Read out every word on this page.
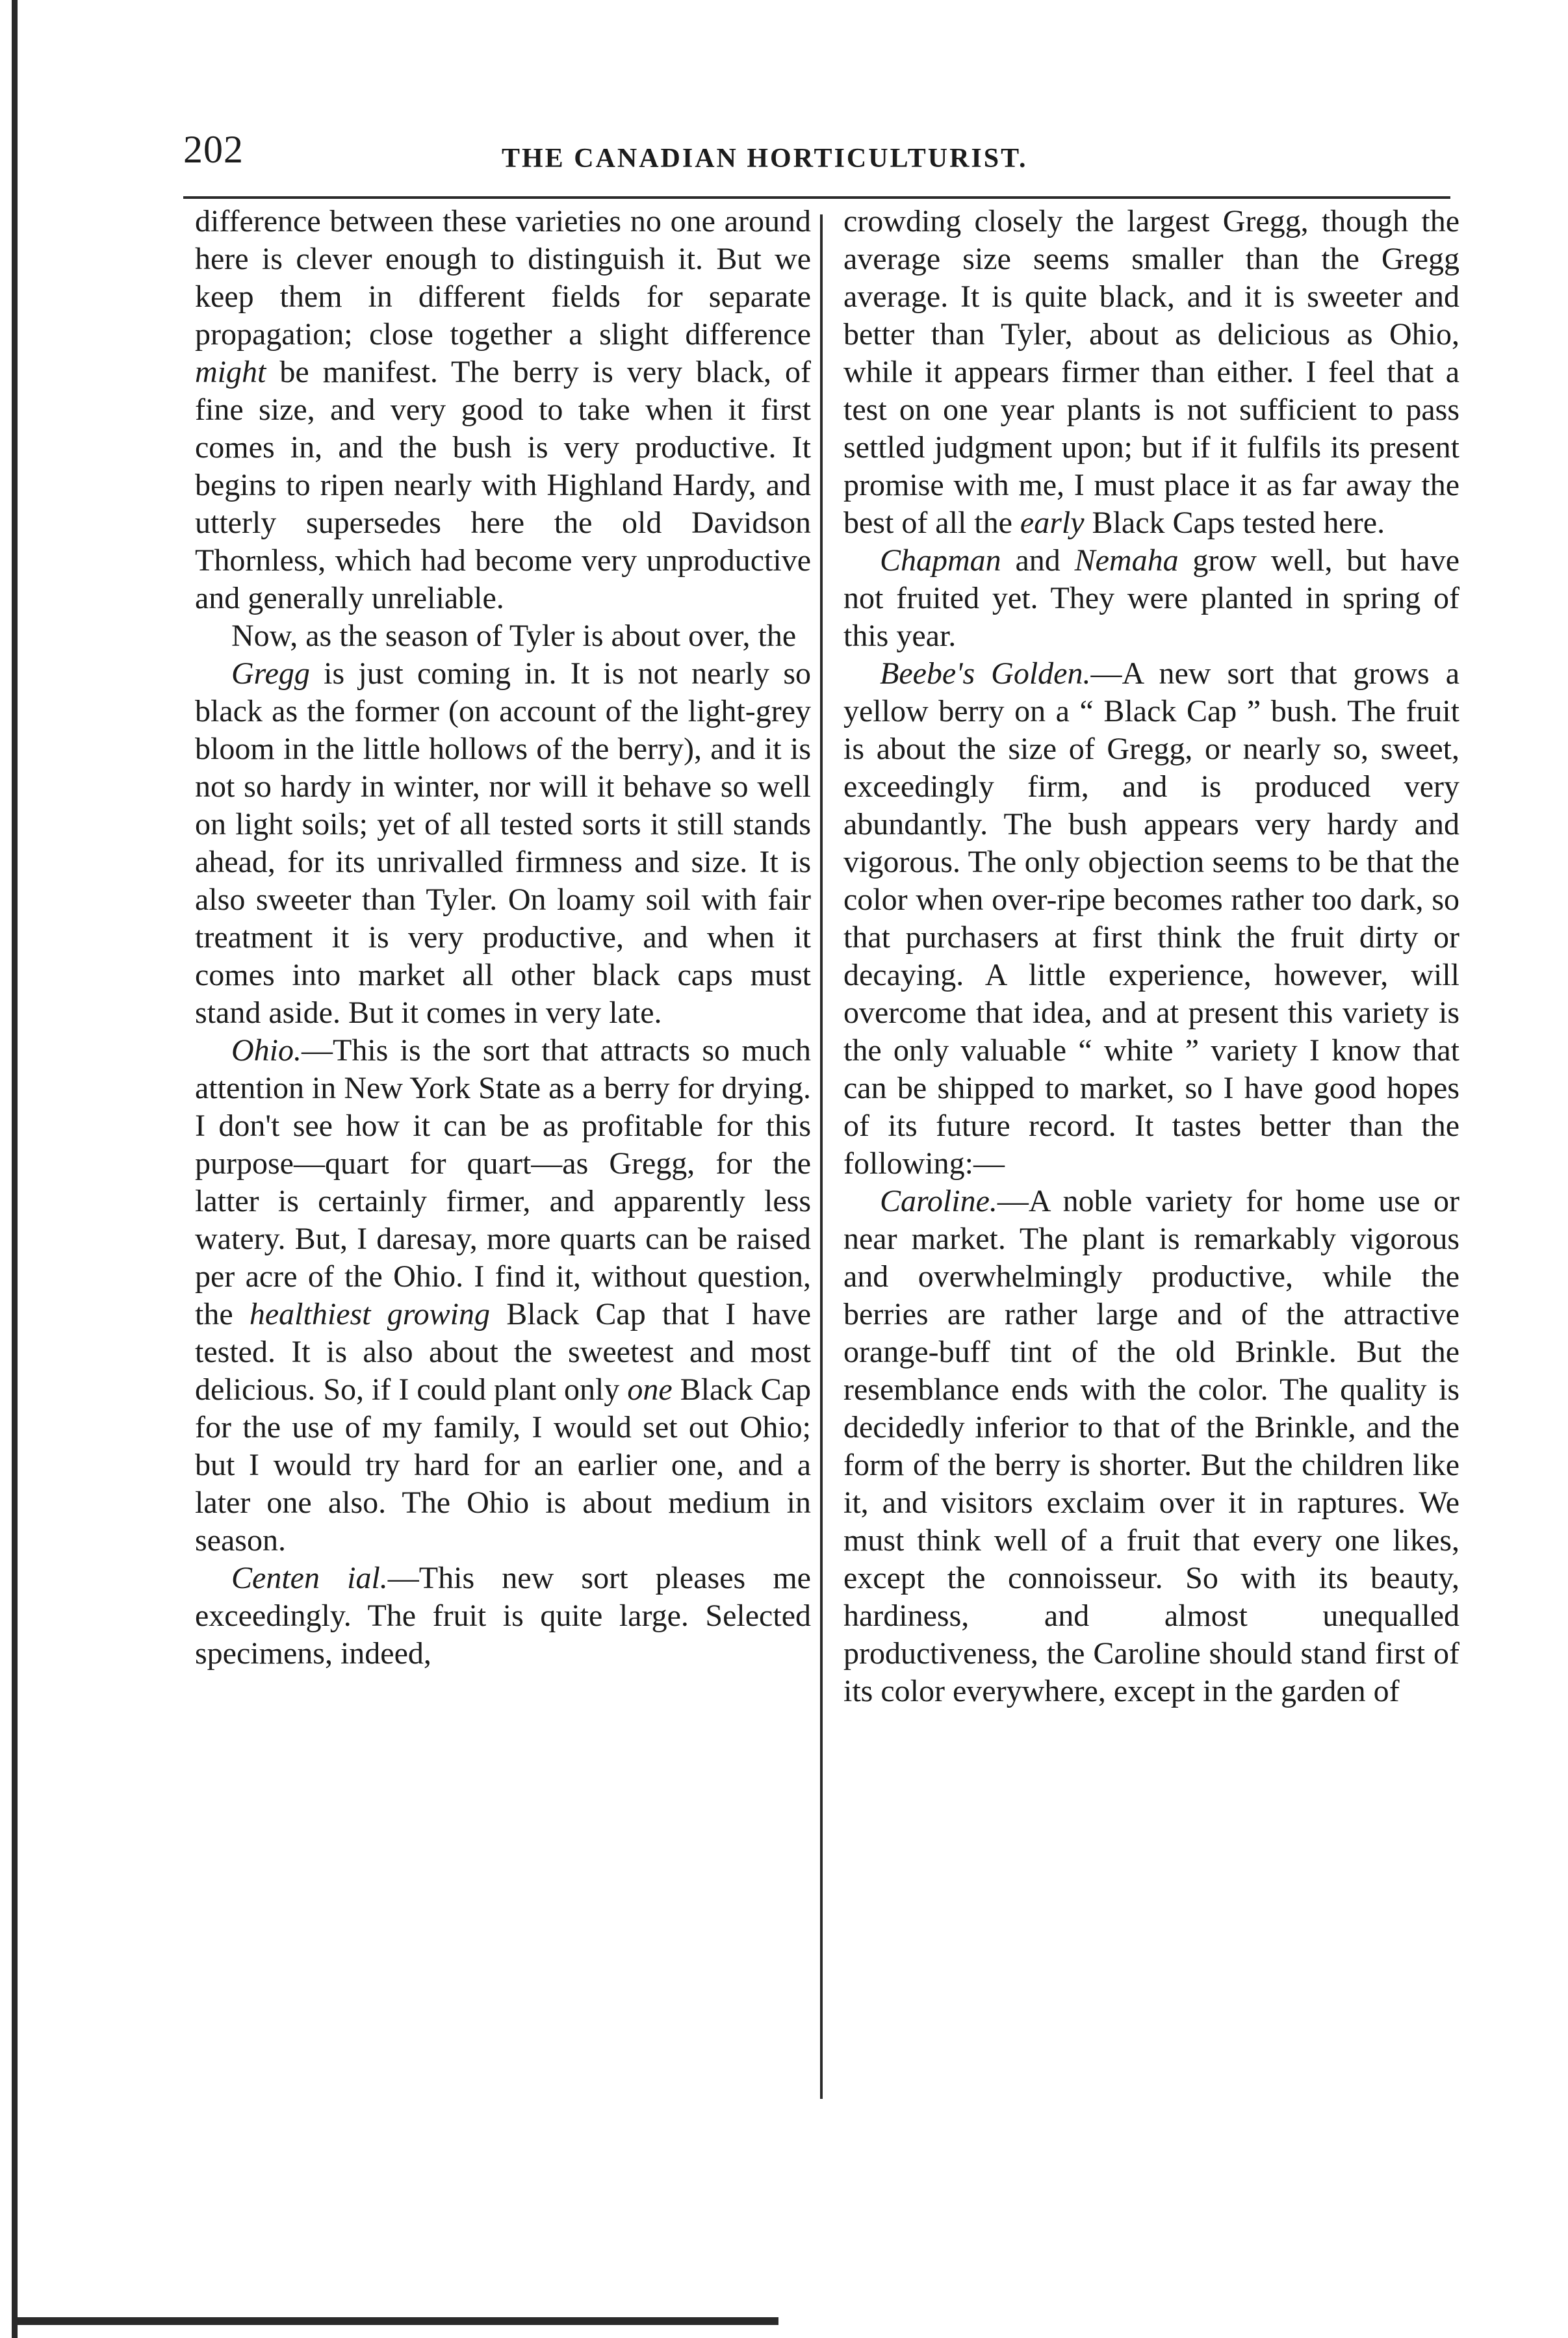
202	THE CANADIAN HORTICULTURIST.

difference between these varieties no one around here is clever enough to distinguish it. But we keep them in different fields for separate propagation; close together a slight difference might be manifest. The berry is very black, of fine size, and very good to take when it first comes in, and the bush is very productive. It begins to ripen nearly with Highland Hardy, and utterly supersedes here the old Davidson Thornless, which had become very unproductive and generally unreliable.

Now, as the season of Tyler is about over, the

Gregg is just coming in. It is not nearly so black as the former (on account of the light-grey bloom in the little hollows of the berry), and it is not so hardy in winter, nor will it behave so well on light soils; yet of all tested sorts it still stands ahead, for its unrivalled firmness and size. It is also sweeter than Tyler. On loamy soil with fair treatment it is very productive, and when it comes into market all other black caps must stand aside. But it comes in very late.

Ohio.—This is the sort that attracts so much attention in New York State as a berry for drying. I don't see how it can be as profitable for this purpose—quart for quart—as Gregg, for the latter is certainly firmer, and apparently less watery. But, I daresay, more quarts can be raised per acre of the Ohio. I find it, without question, the healthiest growing Black Cap that I have tested. It is also about the sweetest and most delicious. So, if I could plant only one Black Cap for the use of my family, I would set out Ohio; but I would try hard for an earlier one, and a later one also. The Ohio is about medium in season.

Centen ial.—This new sort pleases me exceedingly. The fruit is quite large. Selected specimens, indeed,

crowding closely the largest Gregg, though the average size seems smaller than the Gregg average. It is quite black, and it is sweeter and better than Tyler, about as delicious as Ohio, while it appears firmer than either. I feel that a test on one year plants is not sufficient to pass settled judgment upon; but if it fulfils its present promise with me, I must place it as far away the best of all the early Black Caps tested here.

Chapman and Nemaha grow well, but have not fruited yet. They were planted in spring of this year.

Beebe's Golden.—A new sort that grows a yellow berry on a “ Black Cap ” bush. The fruit is about the size of Gregg, or nearly so, sweet, exceedingly firm, and is produced very abundantly. The bush appears very hardy and vigorous. The only objection seems to be that the color when over-ripe becomes rather too dark, so that purchasers at first think the fruit dirty or decaying. A little experience, however, will overcome that idea, and at present this variety is the only valuable “ white ” variety I know that can be shipped to market, so I have good hopes of its future record. It tastes better than the following:—

Caroline.—A noble variety for home use or near market. The plant is remarkably vigorous and overwhelmingly productive, while the berries are rather large and of the attractive orange-buff tint of the old Brinkle. But the resemblance ends with the color. The quality is decidedly inferior to that of the Brinkle, and the form of the berry is shorter. But the children like it, and visitors exclaim over it in raptures. We must think well of a fruit that every one likes, except the connoisseur. So with its beauty, hardiness, and almost unequalled productiveness, the Caroline should stand first of its color everywhere, except in the garden of
